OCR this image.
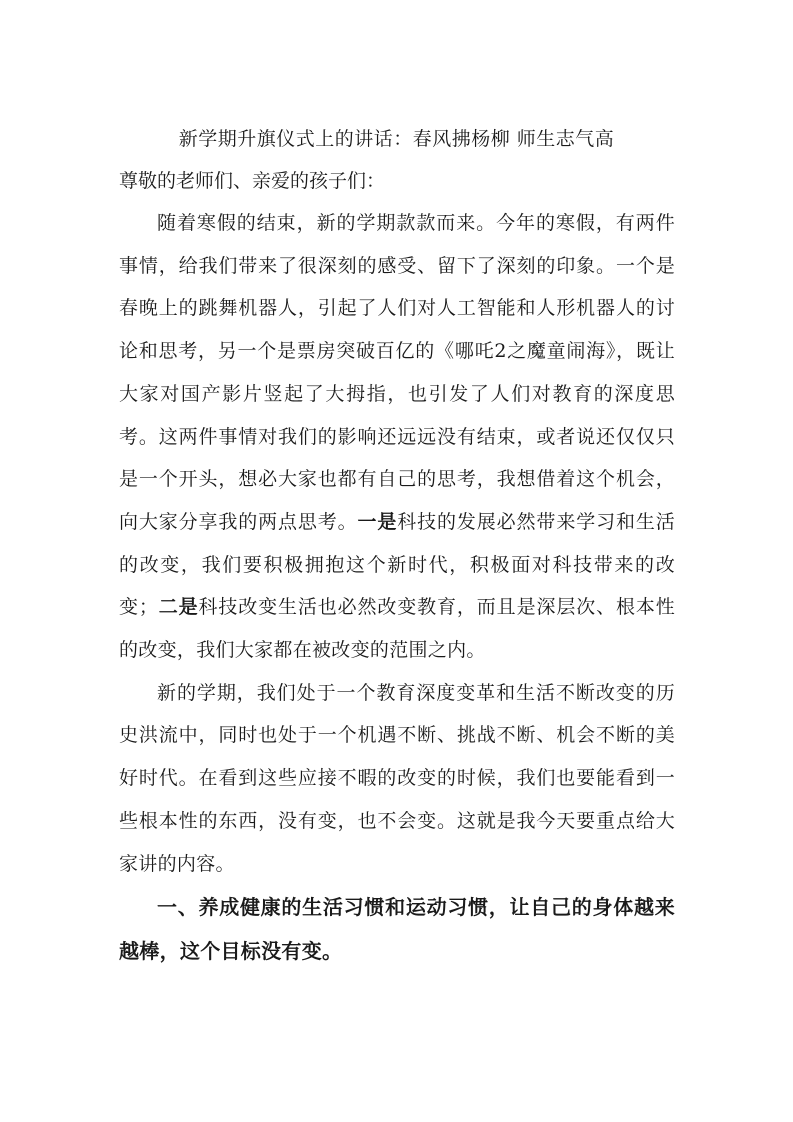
新学期升旗仪式上的讲话：春风拂杨柳 师生志气高

尊敬的老师们、亲爱的孩子们：

随着寒假的结束，新的学期款款而来。今年的寒假，有两件事情，给我们带来了很深刻的感受、留下了深刻的印象。一个是春晚上的跳舞机器人，引起了人们对人工智能和人形机器人的讨论和思考，另一个是票房突破百亿的《哪吒2之魔童闹海》，既让大家对国产影片竖起了大拇指，也引发了人们对教育的深度思考。这两件事情对我们的影响还远远没有结束，或者说还仅仅只是一个开头，想必大家也都有自己的思考，我想借着这个机会，向大家分享我的两点思考。一是科技的发展必然带来学习和生活的改变，我们要积极拥抱这个新时代，积极面对科技带来的改变；二是科技改变生活也必然改变教育，而且是深层次、根本性的改变，我们大家都在被改变的范围之内。

新的学期，我们处于一个教育深度变革和生活不断改变的历史洪流中，同时也处于一个机遇不断、挑战不断、机会不断的美好时代。在看到这些应接不暇的改变的时候，我们也要能看到一些根本性的东西，没有变，也不会变。这就是我今天要重点给大家讲的内容。

一、养成健康的生活习惯和运动习惯，让自己的身体越来越棒，这个目标没有变。
